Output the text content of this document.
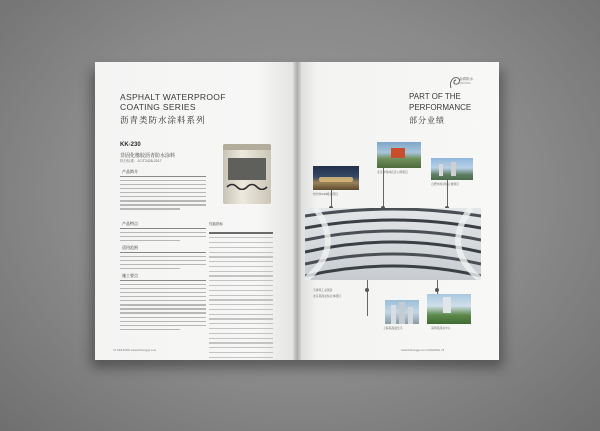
ASPHALT WATERPROOF
COATING SERIES
沥青类防水涂料系列
KK-230
非固化橡胶沥青防水涂料
执行标准：JC/T2428-2017
产品简介
产品特点
适用范围
施工要点
性能指标
72 KINHONG www.kinhonggs.com
金鸿防水
KINHONG
PART OF THE
PERFORMANCE
部分业绩
杭州市G20峰会项目
北京市奥林匹克公园项目
合肥市政府综合楼项目
天津某工业园区
北京某商业综合体项目
上海某高层住宅	深圳某商业中心
www.kinhonggs.com KINHONG 73
